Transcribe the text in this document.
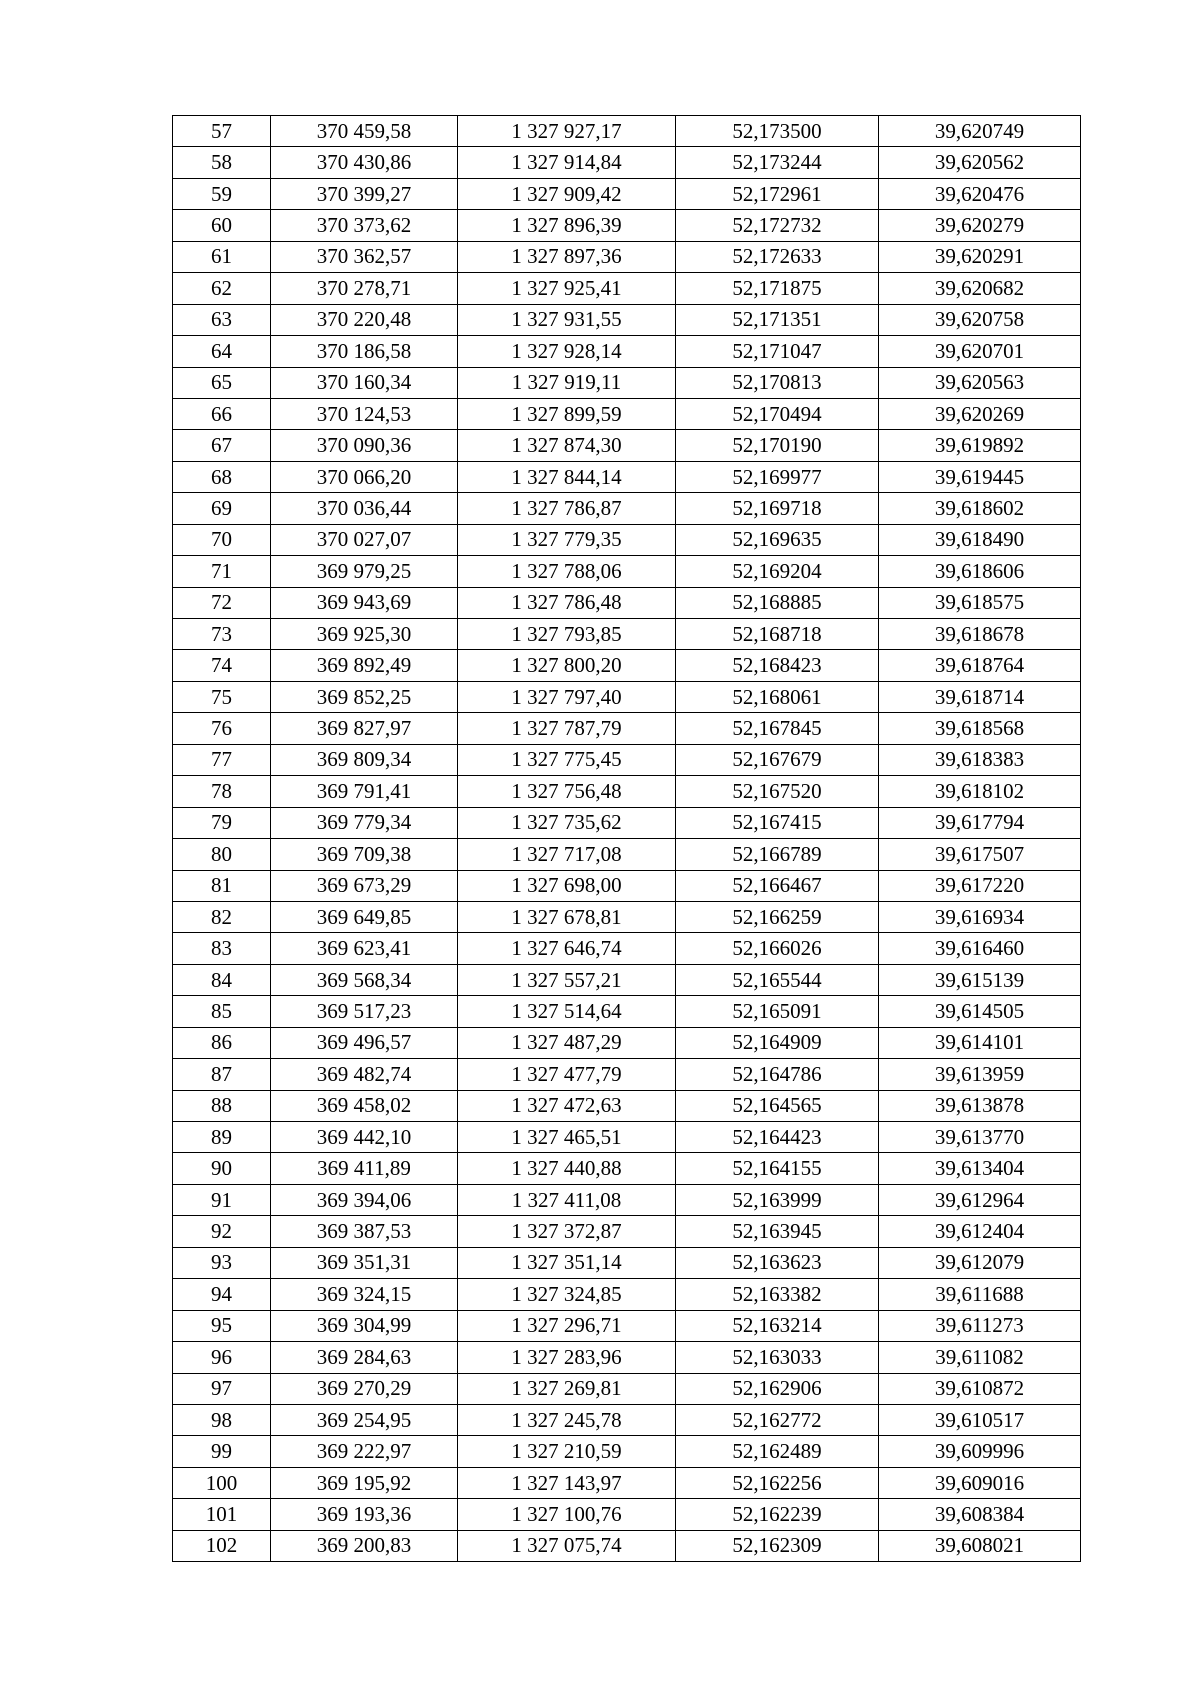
57	370 459,58	1 327 927,17	52,173500	39,620749
58	370 430,86	1 327 914,84	52,173244	39,620562
59	370 399,27	1 327 909,42	52,172961	39,620476
60	370 373,62	1 327 896,39	52,172732	39,620279
61	370 362,57	1 327 897,36	52,172633	39,620291
62	370 278,71	1 327 925,41	52,171875	39,620682
63	370 220,48	1 327 931,55	52,171351	39,620758
64	370 186,58	1 327 928,14	52,171047	39,620701
65	370 160,34	1 327 919,11	52,170813	39,620563
66	370 124,53	1 327 899,59	52,170494	39,620269
67	370 090,36	1 327 874,30	52,170190	39,619892
68	370 066,20	1 327 844,14	52,169977	39,619445
69	370 036,44	1 327 786,87	52,169718	39,618602
70	370 027,07	1 327 779,35	52,169635	39,618490
71	369 979,25	1 327 788,06	52,169204	39,618606
72	369 943,69	1 327 786,48	52,168885	39,618575
73	369 925,30	1 327 793,85	52,168718	39,618678
74	369 892,49	1 327 800,20	52,168423	39,618764
75	369 852,25	1 327 797,40	52,168061	39,618714
76	369 827,97	1 327 787,79	52,167845	39,618568
77	369 809,34	1 327 775,45	52,167679	39,618383
78	369 791,41	1 327 756,48	52,167520	39,618102
79	369 779,34	1 327 735,62	52,167415	39,617794
80	369 709,38	1 327 717,08	52,166789	39,617507
81	369 673,29	1 327 698,00	52,166467	39,617220
82	369 649,85	1 327 678,81	52,166259	39,616934
83	369 623,41	1 327 646,74	52,166026	39,616460
84	369 568,34	1 327 557,21	52,165544	39,615139
85	369 517,23	1 327 514,64	52,165091	39,614505
86	369 496,57	1 327 487,29	52,164909	39,614101
87	369 482,74	1 327 477,79	52,164786	39,613959
88	369 458,02	1 327 472,63	52,164565	39,613878
89	369 442,10	1 327 465,51	52,164423	39,613770
90	369 411,89	1 327 440,88	52,164155	39,613404
91	369 394,06	1 327 411,08	52,163999	39,612964
92	369 387,53	1 327 372,87	52,163945	39,612404
93	369 351,31	1 327 351,14	52,163623	39,612079
94	369 324,15	1 327 324,85	52,163382	39,611688
95	369 304,99	1 327 296,71	52,163214	39,611273
96	369 284,63	1 327 283,96	52,163033	39,611082
97	369 270,29	1 327 269,81	52,162906	39,610872
98	369 254,95	1 327 245,78	52,162772	39,610517
99	369 222,97	1 327 210,59	52,162489	39,609996
100	369 195,92	1 327 143,97	52,162256	39,609016
101	369 193,36	1 327 100,76	52,162239	39,608384
102	369 200,83	1 327 075,74	52,162309	39,608021
